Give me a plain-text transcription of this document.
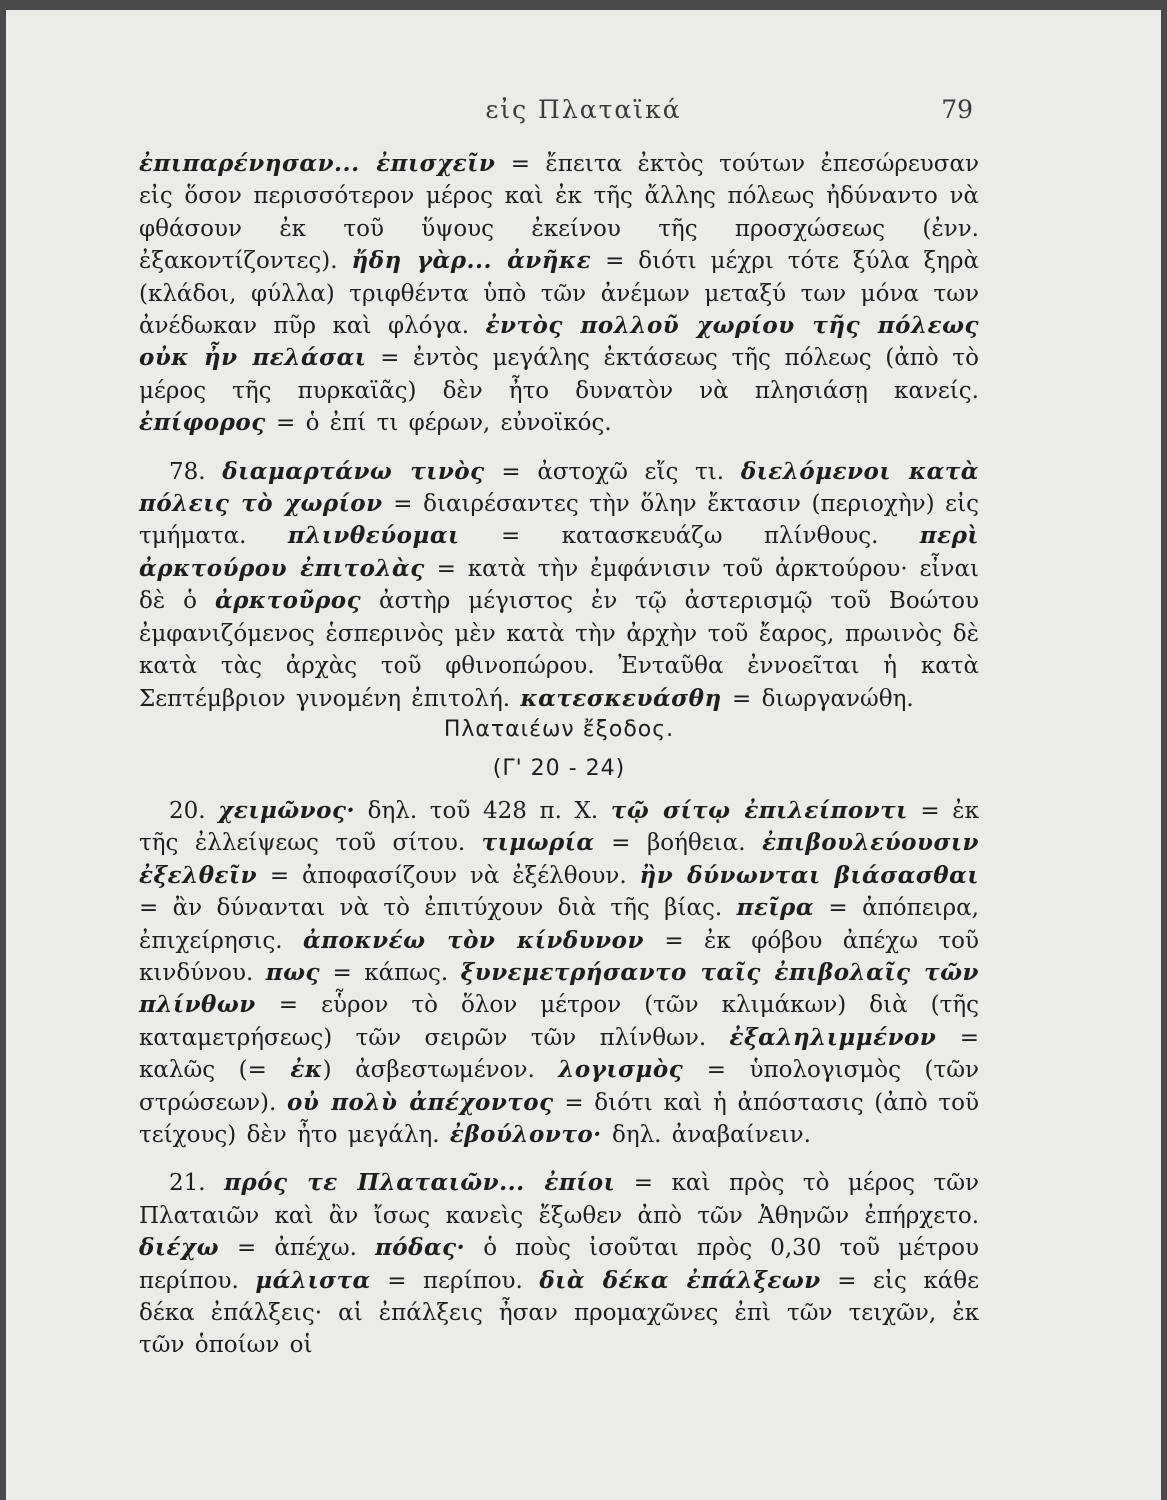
εἰς Πλαταϊκά	79

ἐπιπαρένησαν... ἐπισχεῖν = ἔπειτα ἐκτὸς τούτων ἐπεσώρευσαν εἰς ὅσον περισσότερον μέρος καὶ ἐκ τῆς ἄλλης πόλεως ἠδύναντο νὰ φθάσουν ἐκ τοῦ ὕψους ἐκείνου τῆς προσχώσεως (ἐνν. ἐξακοντίζοντες). ἤδη γὰρ... ἀνῆκε = διότι μέχρι τότε ξύλα ξηρὰ (κλάδοι, φύλλα) τριφθέντα ὑπὸ τῶν ἀνέμων μεταξύ των μόνα των ἀνέδωκαν πῦρ καὶ φλόγα. ἐντὸς πολλοῦ χωρίου τῆς πόλεως οὐκ ἦν πελάσαι = ἐντὸς μεγάλης ἐκτάσεως τῆς πόλεως (ἀπὸ τὸ μέρος τῆς πυρκαϊᾶς) δὲν ἦτο δυνατὸν νὰ πλησιάσῃ κανείς. ἐπίφορος = ὁ ἐπί τι φέρων, εὐνοϊκός.

78. διαμαρτάνω τινὸς = ἀστοχῶ εἴς τι. διελόμενοι κατὰ πόλεις τὸ χωρίον = διαιρέσαντες τὴν ὅλην ἔκτασιν (περιοχὴν) εἰς τμήματα. πλινθεύομαι = κατασκευάζω πλίνθους. περὶ ἀρκτούρου ἐπιτολὰς = κατὰ τὴν ἐμφάνισιν τοῦ ἀρκτούρου· εἶναι δὲ ὁ ἀρκτοῦρος ἀστὴρ μέγιστος ἐν τῷ ἀστερισμῷ τοῦ Βοώτου ἐμφανιζόμενος ἑσπερινὸς μὲν κατὰ τὴν ἀρχὴν τοῦ ἔαρος, πρωινὸς δὲ κατὰ τὰς ἀρχὰς τοῦ φθινοπώρου. Ἐνταῦθα ἐννοεῖται ἡ κατὰ Σεπτέμβριον γινομένη ἐπιτολή. κατεσκευάσθη = διωργανώθη.

Πλαταιέων ἔξοδος.
(Γ' 20 - 24)

20. χειμῶνος· δηλ. τοῦ 428 π. Χ. τῷ σίτῳ ἐπιλείποντι = ἐκ τῆς ἐλλείψεως τοῦ σίτου. τιμωρία = βοήθεια. ἐπιβουλεύουσιν ἐξελθεῖν = ἀποφασίζουν νὰ ἐξέλθουν. ἢν δύνωνται βιάσασθαι = ἂν δύνανται νὰ τὸ ἐπιτύχουν διὰ τῆς βίας. πεῖρα = ἀπόπειρα, ἐπιχείρησις. ἀποκνέω τὸν κίνδυνον = ἐκ φόβου ἀπέχω τοῦ κινδύνου. πως = κάπως. ξυνεμετρήσαντο ταῖς ἐπιβολαῖς τῶν πλίνθων = εὗρον τὸ ὅλον μέτρον (τῶν κλιμάκων) διὰ (τῆς καταμετρήσεως) τῶν σειρῶν τῶν πλίνθων. ἐξαληλιμμένον = καλῶς (= ἐκ) ἀσβεστωμένον. λογισμὸς = ὑπολογισμὸς (τῶν στρώσεων). οὐ πολὺ ἀπέχοντος = διότι καὶ ἡ ἀπόστασις (ἀπὸ τοῦ τείχους) δὲν ἦτο μεγάλη. ἐβούλοντο· δηλ. ἀναβαίνειν.

21. πρός τε Πλαταιῶν... ἐπίοι = καὶ πρὸς τὸ μέρος τῶν Πλαταιῶν καὶ ἂν ἴσως κανεὶς ἔξωθεν ἀπὸ τῶν Ἀθηνῶν ἐπήρχετο. διέχω = ἀπέχω. πόδας· ὁ ποὺς ἰσοῦται πρὸς 0,30 τοῦ μέτρου περίπου. μάλιστα = περίπου. διὰ δέκα ἐπάλξεων = εἰς κάθε δέκα ἐπάλξεις· αἱ ἐπάλξεις ἦσαν προμαχῶνες ἐπὶ τῶν τειχῶν, ἐκ τῶν ὁποίων οἱ
